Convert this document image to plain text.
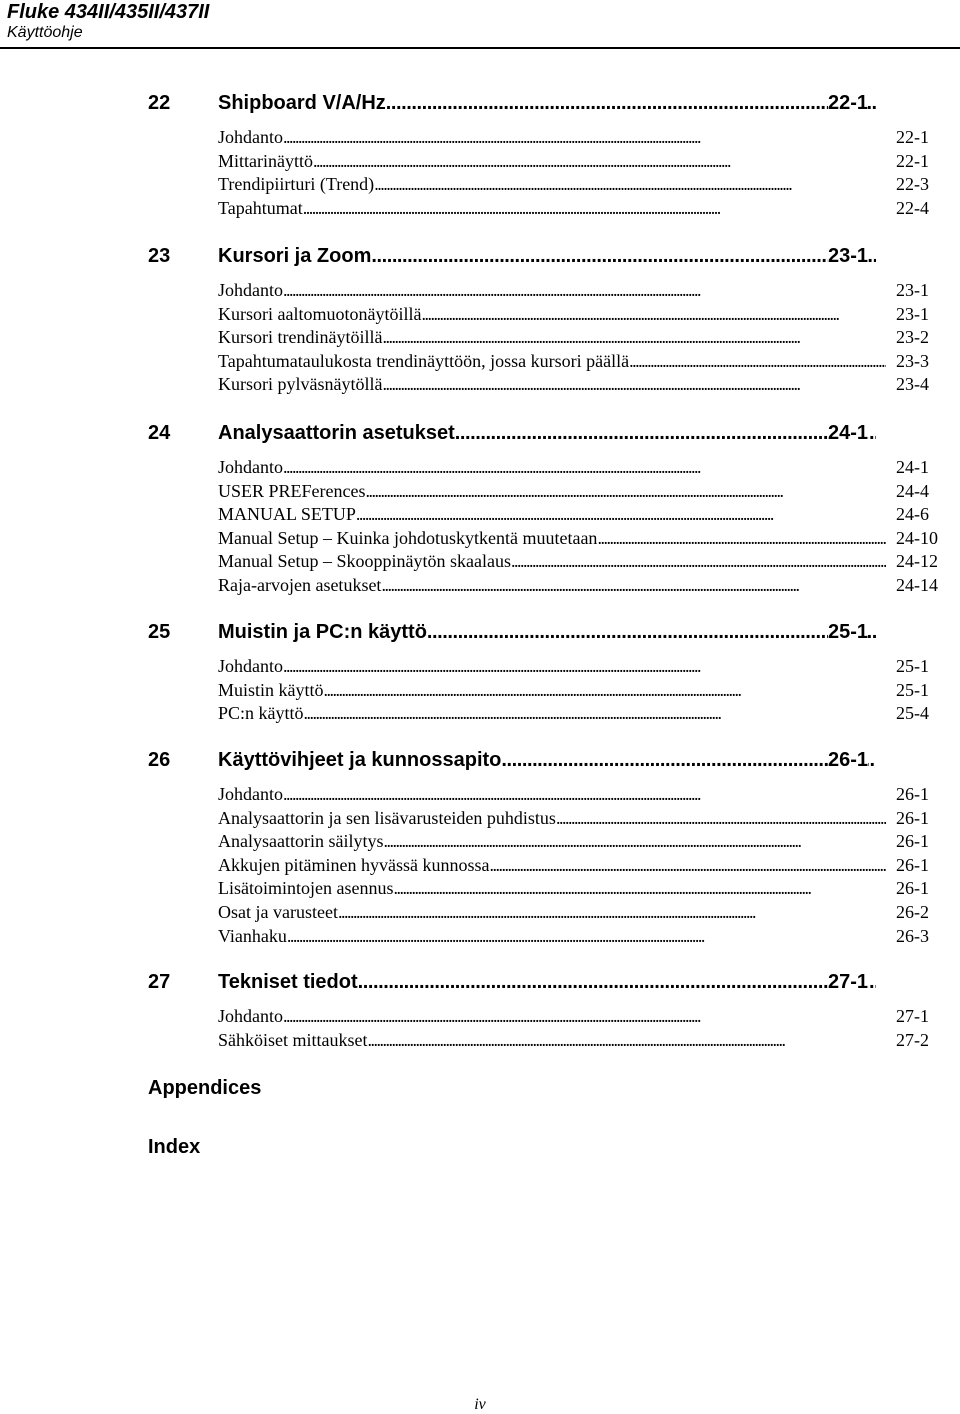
Fluke 434II/435II/437II
Käyttöohje
22 Shipboard V/A/Hz . . .	22-1
Johdanto . . .	22-1
Mittarinäyttö . . .	22-1
Trendipiirturi (Trend) . . .	22-3
Tapahtumat . . .	22-4
23 Kursori ja Zoom . . .	23-1
Johdanto . . .	23-1
Kursori aaltomuotonäytöillä . . .	23-1
Kursori trendinäytöillä . . .	23-2
Tapahtumataulukosta trendinäyttöön, jossa kursori päällä . . .	23-3
Kursori pylväsnäytöllä . . .	23-4
24 Analysaattorin asetukset . . .	24-1
Johdanto . . .	24-1
USER PREFerences . . .	24-4
MANUAL SETUP . . .	24-6
Manual Setup – Kuinka johdotuskytkentä muutetaan . . .	24-10
Manual Setup – Skooppinäytön skaalaus . . .	24-12
Raja-arvojen asetukset . . .	24-14
25 Muistin ja PC:n käyttö . . .	25-1
Johdanto . . .	25-1
Muistin käyttö . . .	25-1
PC:n käyttö . . .	25-4
26 Käyttövihjeet ja kunnossapito . . .	26-1
Johdanto . . .	26-1
Analysaattorin ja sen lisävarusteiden puhdistus . . .	26-1
Analysaattorin säilytys . . .	26-1
Akkujen pitäminen hyvässä kunnossa . . .	26-1
Lisätoimintojen asennus . . .	26-1
Osat ja varusteet . . .	26-2
Vianhaku . . .	26-3
27 Tekniset tiedot . . .	27-1
Johdanto . . .	27-1
Sähköiset mittaukset . . .	27-2
Appendices
Index
iv
